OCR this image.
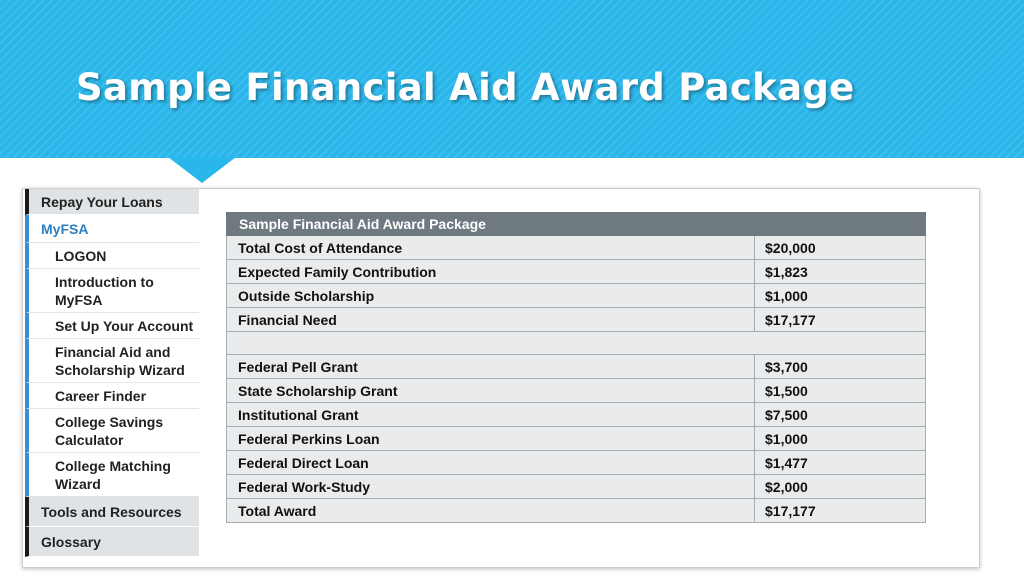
Sample Financial Aid Award Package
Repay Your Loans
MyFSA
LOGON
Introduction to MyFSA
Set Up Your Account
Financial Aid and Scholarship Wizard
Career Finder
College Savings Calculator
College Matching Wizard
Tools and Resources
Glossary
Sample Financial Aid Award Package	
Total Cost of Attendance	$20,000
Expected Family Contribution	$1,823
Outside Scholarship	$1,000
Financial Need	$17,177

Federal Pell Grant	$3,700
State Scholarship Grant	$1,500
Institutional Grant	$7,500
Federal Perkins Loan	$1,000
Federal Direct Loan	$1,477
Federal Work-Study	$2,000
Total Award	$17,177
